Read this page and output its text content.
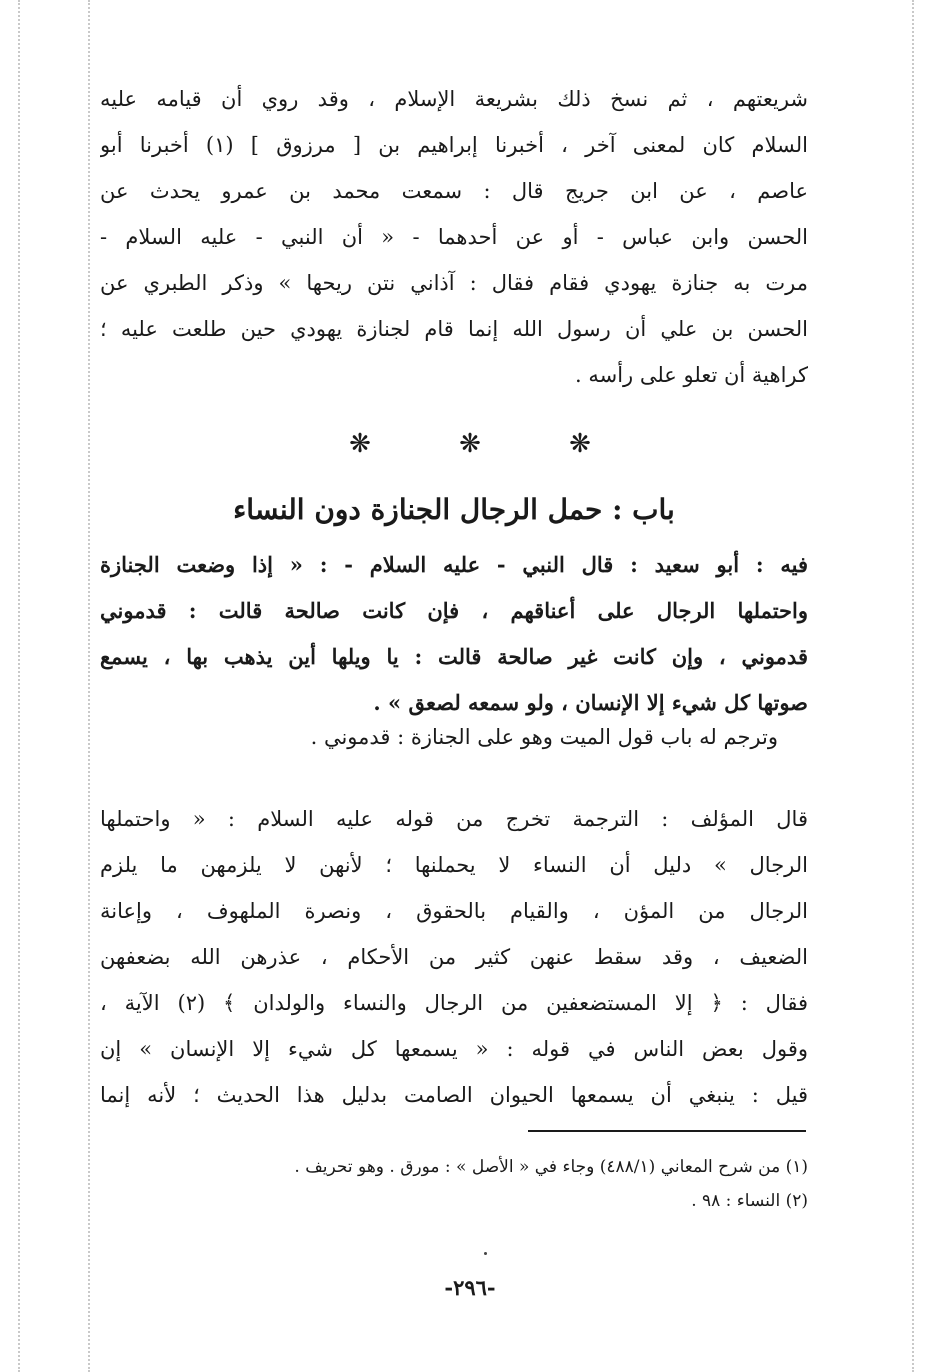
شريعتهم ، ثم نسخ ذلك بشريعة الإسلام ، وقد روي أن قيامه عليه
السلام كان لمعنى آخر ، أخبرنا إبراهيم بن [ مرزوق ] (١) أخبرنا أبو
عاصم ، عن ابن جريج قال : سمعت محمد بن عمرو يحدث عن
الحسن وابن عباس - أو عن أحدهما - « أن النبي - عليه السلام -
مرت به جنازة يهودي فقام فقال : آذاني نتن ريحها » وذكر الطبري عن
الحسن بن علي أن رسول الله إنما قام لجنازة يهودي حين طلعت عليه ؛
كراهية أن تعلو على رأسه .
❋	❋	❋
باب : حمل الرجال الجنازة دون النساء
فيه : أبو سعيد : قال النبي - عليه السلام - : « إذا وضعت الجنازة
واحتملها الرجال على أعناقهم ، فإن كانت صالحة قالت : قدموني
قدموني ، وإن كانت غير صالحة قالت : يا ويلها أين يذهب بها ، يسمع
صوتها كل شيء إلا الإنسان ، ولو سمعه لصعق » .
وترجم له باب قول الميت وهو على الجنازة : قدموني .
قال المؤلف : الترجمة تخرج من قوله عليه السلام : « واحتملها
الرجال » دليل أن النساء لا يحملنها ؛ لأنهن لا يلزمهن ما يلزم
الرجال من المؤن ، والقيام بالحقوق ، ونصرة الملهوف ، وإعانة
الضعيف ، وقد سقط عنهن كثير من الأحكام ، عذرهن الله بضعفهن
فقال : ﴿ إلا المستضعفين من الرجال والنساء والولدان ﴾ (٢) الآية ،
وقول بعض الناس في قوله : « يسمعها كل شيء إلا الإنسان » إن
قيل : ينبغي أن يسمعها الحيوان الصامت بدليل هذا الحديث ؛ لأنه إنما
(١) من شرح المعاني (٤٨٨/١) وجاء في « الأصل » : مورق . وهو تحريف .
(٢) النساء : ٩٨ .
-٢٩٦-
